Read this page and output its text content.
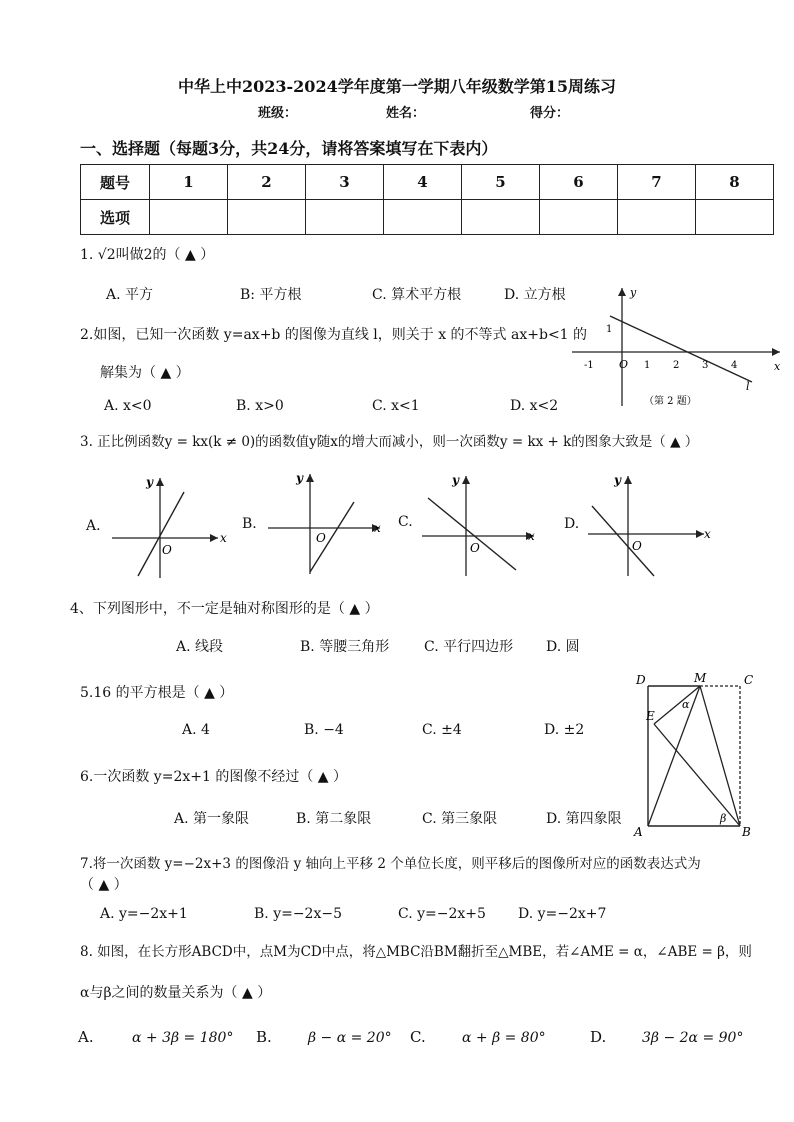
中华上中2023-2024学年度第一学期八年级数学第15周练习
班级：	姓名：	得分：
一、选择题（每题3分，共24分，请将答案填写在下表内）
题号	1	2	3	4	5	6	7	8
选项								
1. √2叫做2的（ ▲ ）
A. 平方	B: 平方根	C. 算术平方根	D. 立方根
2.如图，已知一次函数 y=ax+b 的图像为直线 l，则关于 x 的不等式 ax+b<1 的
解集为（ ▲ ）
A. x<0	B. x>0	C. x<1	D. x<2
y
x
-1 O 1 2 3 4
1
l
（第 2 题）
3. 正比例函数y = kx(k ≠ 0)的函数值y随x的增大而减小，则一次函数y = kx + k的图象大致是（ ▲ ）
A.
y
x
O
B.
y
x
O
C.
y
x
O
D.
y
x
O
4、下列图形中，不一定是轴对称图形的是（ ▲ ）
A. 线段	B. 等腰三角形 C. 平行四边形 D. 圆
5.16 的平方根是（ ▲ ）
A. 4	B. −4	C. ±4	D. ±2
6.一次函数 y=2x+1 的图像不经过（ ▲ ）
A. 第一象限	B. 第二象限	C. 第三象限	D. 第四象限
D	M	C
E
α
A
β
B
7.将一次函数 y=−2x+3 的图像沿 y 轴向上平移 2 个单位长度，则平移后的图像所对应的函数表达式为
（ ▲ ）
A. y=−2x+1	B. y=−2x−5	C. y=−2x+5 D. y=−2x+7
8. 如图，在长方形ABCD中，点M为CD中点，将△MBC沿BM翻折至△MBE，若∠AME = α，∠ABE = β，则
α与β之间的数量关系为（ ▲ ）
A.	α + 3β = 180° B.	β − α = 20° C.	α + β = 80°	D.	3β − 2α = 90°
